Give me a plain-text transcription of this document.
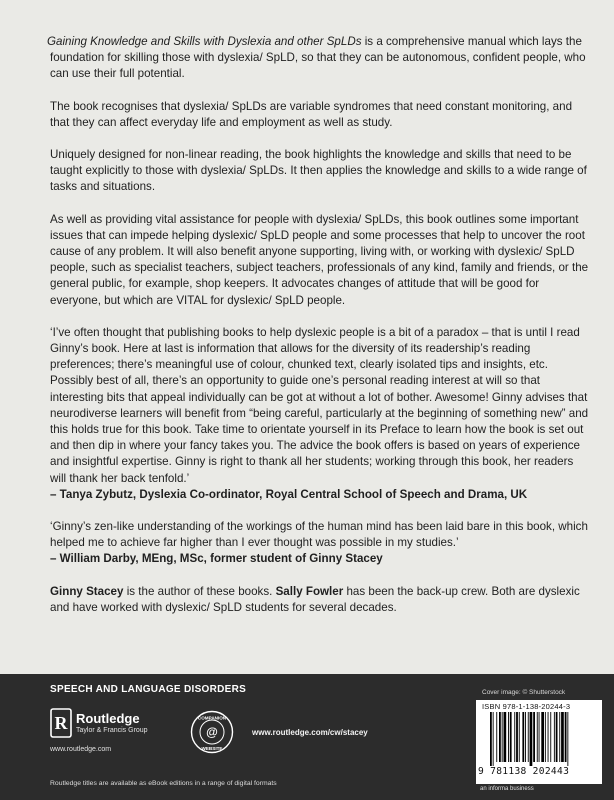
Gaining Knowledge and Skills with Dyslexia and other SpLDs is a comprehensive manual which lays the foundation for skilling those with dyslexia/ SpLD, so that they can be autonomous, confident people, who can use their full potential.

The book recognises that dyslexia/ SpLDs are variable syndromes that need constant monitoring, and that they can affect everyday life and employment as well as study.

Uniquely designed for non-linear reading, the book highlights the knowledge and skills that need to be taught explicitly to those with dyslexia/ SpLDs. It then applies the knowledge and skills to a wide range of tasks and situations.

As well as providing vital assistance for people with dyslexia/ SpLDs, this book outlines some important issues that can impede helping dyslexic/ SpLD people and some processes that help to uncover the root cause of any problem. It will also benefit anyone supporting, living with, or working with dyslexic/ SpLD people, such as specialist teachers, subject teachers, professionals of any kind, family and friends, or the general public, for example, shop keepers. It advocates changes of attitude that will be good for everyone, but which are VITAL for dyslexic/ SpLD people.

‘I’ve often thought that publishing books to help dyslexic people is a bit of a paradox – that is until I read Ginny’s book. Here at last is information that allows for the diversity of its readership’s reading preferences; there’s meaningful use of colour, chunked text, clearly isolated tips and insights, etc. Possibly best of all, there’s an opportunity to guide one’s personal reading interest at will so that interesting bits that appeal individually can be got at without a lot of bother. Awesome! Ginny advises that neurodiverse learners will benefit from “being careful, particularly at the beginning of something new” and this holds true for this book. Take time to orientate yourself in its Preface to learn how the book is set out and then dip in where your fancy takes you. The advice the book offers is based on years of experience and insightful expertise. Ginny is right to thank all her students; working through this book, her readers will thank her back tenfold.’

– Tanya Zybutz, Dyslexia Co-ordinator, Royal Central School of Speech and Drama, UK

‘Ginny’s zen-like understanding of the workings of the human mind has been laid bare in this book, which helped me to achieve far higher than I ever thought was possible in my studies.’

– William Darby, MEng, MSc, former student of Ginny Stacey

Ginny Stacey is the author of these books. Sally Fowler has been the back-up crew. Both are dyslexic and have worked with dyslexic/ SpLD students for several decades.

SPEECH AND LANGUAGE DISORDERS	Cover image: © Shutterstock
R Routledge
Taylor & Francis Group
www.routledge.com
@
COMPANION
WEBSITE
www.routledge.com/cw/stacey
Routledge titles are available as eBook editions in a range of digital formats
ISBN 978-1-138-20244-3
9 781138 202443
an informa business
